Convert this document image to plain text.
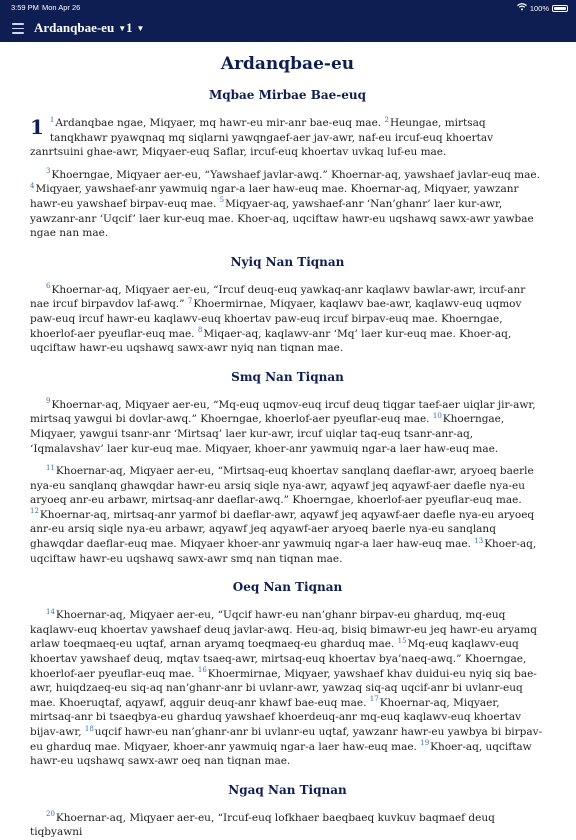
3:59 PM Mon Apr 26	100%
Ardanqbae-eu ▼ 1 ▼
Ardanqbae-eu
Mqbae Mirbae Bae-euq

1 $^1$Ardanqbae ngae, Miqyaer, mq hawr-eu mir-anr bae-euq mae. $^2$Heungae, mirtsaq tanqkhawr pyawqnaq mq siqlarni yawqngaef-aer jav-awr, naf-eu ircuf-euq khoertav zanrtsuini ghae-awr, Miqyaer-euq Saflar, ircuf-euq khoertav uvkaq luf-eu mae.

$^3$Khoerngae, Miqyaer aer-eu, “Yawshaef javlar-awq.” Khoernar-aq, yawshaef javlar-euq mae. $^4$Miqyaer, yawshaef-anr yawmuiq ngar-a laer haw-euq mae. Khoernar-aq, Miqyaer, yawzanr hawr-eu yawshaef birpav-euq mae. $^5$Miqyaer-aq, yawshaef-anr ‘Nan’ghanr’ laer kur-awr, yawzanr-anr ‘Uqcif’ laer kur-euq mae. Khoer-aq, uqciftaw hawr-eu uqshawq sawx-awr yawbae ngae nan mae.

Nyiq Nan Tiqnan

$^6$Khoernar-aq, Miqyaer aer-eu, “Ircuf deuq-euq yawkaq-anr kaqlawv bawlar-awr, ircuf-anr nae ircuf birpavdov laf-awq.” $^7$Khoermirnae, Miqyaer, kaqlawv bae-awr, kaqlawv-euq uqmov paw-euq ircuf hawr-eu kaqlawv-euq khoertav paw-euq ircuf birpav-euq mae. Khoerngae, khoerlof-aer pyeuflar-euq mae. $^8$Miqaer-aq, kaqlawv-anr ‘Mq’ laer kur-euq mae. Khoer-aq, uqciftaw hawr-eu uqshawq sawx-awr nyiq nan tiqnan mae.

Smq Nan Tiqnan

$^9$Khoernar-aq, Miqyaer aer-eu, “Mq-euq uqmov-euq ircuf deuq tiqgar taef-aer uiqlar jir-awr, mirtsaq yawgui bi dovlar-awq.” Khoerngae, khoerlof-aer pyeuflar-euq mae. $^{10}$Khoerngae, Miqyaer, yawgui tsanr-anr ‘Mirtsaq’ laer kur-awr, ircuf uiqlar taq-euq tsanr-anr-aq, ‘Iqmalavshav’ laer kur-euq mae. Miqyaer, khoer-anr yawmuiq ngar-a laer haw-euq mae.

$^{11}$Khoernar-aq, Miqyaer aer-eu, “Mirtsaq-euq khoertav sanqlanq daeflar-awr, aryoeq baerle nya-eu sanqlanq ghawqdar hawr-eu arsiq siqle nya-awr, aqyawf jeq aqyawf-aer daefle nya-eu aryoeq anr-eu arbawr, mirtsaq-anr daeflar-awq.” Khoerngae, khoerlof-aer pyeuflar-euq mae. $^{12}$Khoernar-aq, mirtsaq-anr yarmof bi daeflar-awr, aqyawf jeq aqyawf-aer daefle nya-eu aryoeq anr-eu arsiq siqle nya-eu arbawr, aqyawf jeq aqyawf-aer aryoeq baerle nya-eu sanqlanq ghawqdar daeflar-euq mae. Miqyaer khoer-anr yawmuiq ngar-a laer haw-euq mae. $^{13}$Khoer-aq, uqciftaw hawr-eu uqshawq sawx-awr smq nan tiqnan mae.

Oeq Nan Tiqnan

$^{14}$Khoernar-aq, Miqyaer aer-eu, “Uqcif hawr-eu nan’ghanr birpav-eu gharduq, mq-euq kaqlawv-euq khoertav yawshaef deuq javlar-awq. Heu-aq, bisiq bimawr-eu jeq hawr-eu aryamq arlaw toeqmaeq-eu uqtaf, arnan aryamq toeqmaeq-eu gharduq mae. $^{15}$Mq-euq kaqlawv-euq khoertav yawshaef deuq, mqtav tsaeq-awr, mirtsaq-euq khoertav bya’naeq-awq.” Khoerngae, khoerlof-aer pyeuflar-euq mae. $^{16}$Khoermirnae, Miqyaer, yawshaef khav duidui-eu nyiq siq bae-awr, huiqdzaeq-eu siq-aq nan’ghanr-anr bi uvlanr-awr, yawzaq siq-aq uqcif-anr bi uvlanr-euq mae. Khoeruqtaf, aqyawf, aqguir deuq-anr khawf bae-euq mae. $^{17}$Khoernar-aq, Miqyaer, mirtsaq-anr bi tsaeqbya-eu gharduq yawshaef khoerdeuq-anr mq-euq kaqlawv-euq khoertav bijav-awr, $^{18}$uqcif hawr-eu nan’ghanr-anr bi uvlanr-eu uqtaf, yawzanr hawr-eu yawbya bi birpav-eu gharduq mae. Miqyaer, khoer-anr yawmuiq ngar-a laer haw-euq mae. $^{19}$Khoer-aq, uqciftaw hawr-eu uqshawq sawx-awr oeq nan tiqnan mae.

Ngaq Nan Tiqnan

$^{20}$Khoernar-aq, Miqyaer aer-eu, “Ircuf-euq lofkhaer baeqbaeq kuvkuv baqmaef deuq tiqbyawni
